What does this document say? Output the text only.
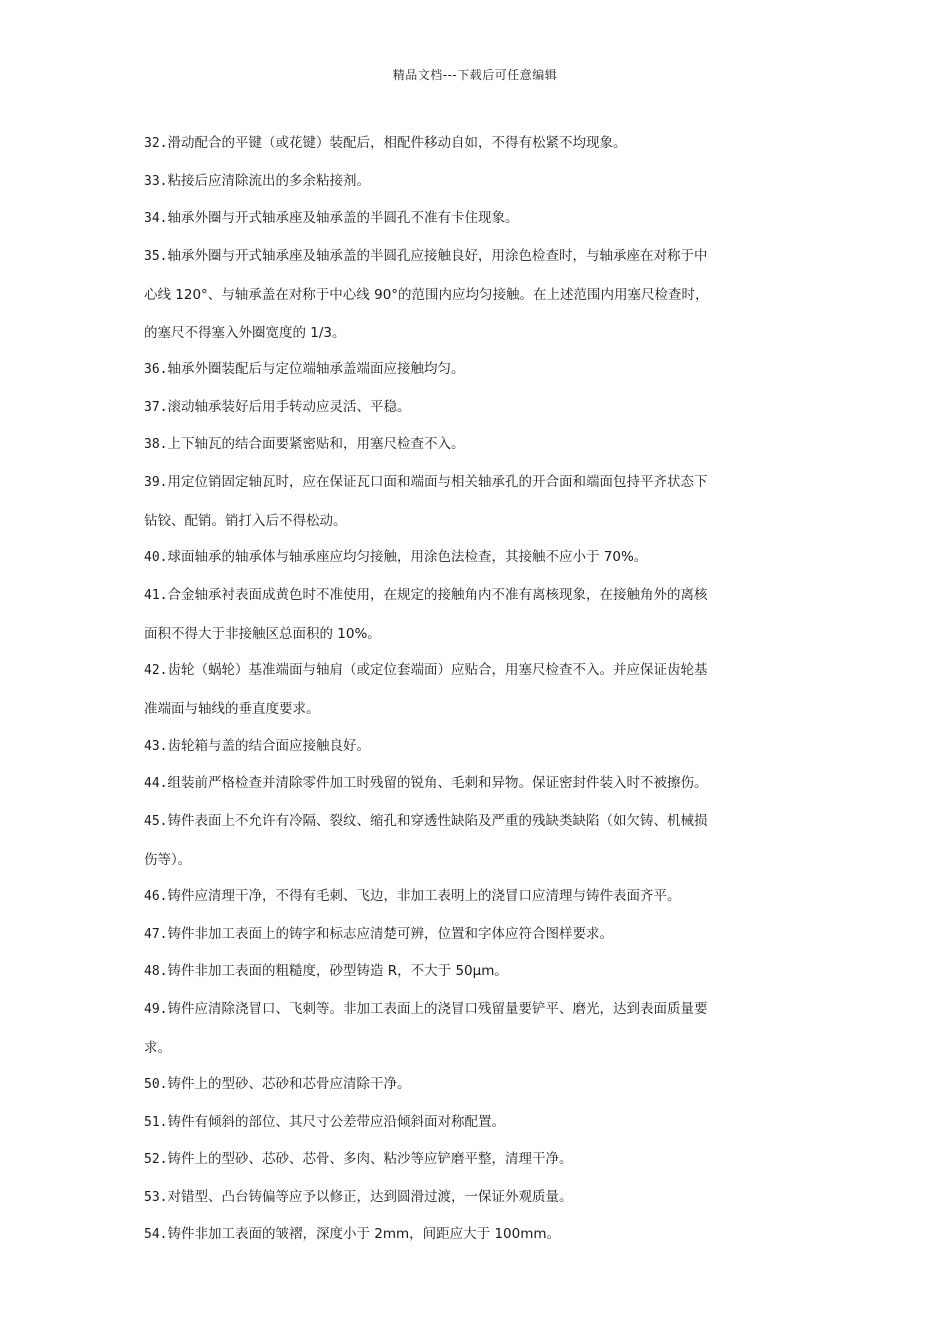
精品文档---下载后可任意编辑
32.滑动配合的平键（或花键）装配后，相配件移动自如，不得有松紧不均现象。
33.粘接后应清除流出的多余粘接剂。
34.轴承外圈与开式轴承座及轴承盖的半圆孔不准有卡住现象。
35.轴承外圈与开式轴承座及轴承盖的半圆孔应接触良好，用涂色检查时，与轴承座在对称于中
心线 120°、与轴承盖在对称于中心线 90°的范围内应均匀接触。在上述范围内用塞尺检查时，
的塞尺不得塞入外圈宽度的 1/3。
36.轴承外圈装配后与定位端轴承盖端面应接触均匀。
37.滚动轴承装好后用手转动应灵活、平稳。
38.上下轴瓦的结合面要紧密贴和，用塞尺检查不入。
39.用定位销固定轴瓦时，应在保证瓦口面和端面与相关轴承孔的开合面和端面包持平齐状态下
钻铰、配销。销打入后不得松动。
40.球面轴承的轴承体与轴承座应均匀接触，用涂色法检查，其接触不应小于 70%。
41.合金轴承衬表面成黄色时不准使用，在规定的接触角内不准有离核现象，在接触角外的离核
面积不得大于非接触区总面积的 10%。
42.齿轮（蜗轮）基准端面与轴肩（或定位套端面）应贴合，用塞尺检查不入。并应保证齿轮基
准端面与轴线的垂直度要求。
43.齿轮箱与盖的结合面应接触良好。
44.组装前严格检查并清除零件加工时残留的锐角、毛刺和异物。保证密封件装入时不被擦伤。
45.铸件表面上不允许有冷隔、裂纹、缩孔和穿透性缺陷及严重的残缺类缺陷（如欠铸、机械损
伤等）。
46.铸件应清理干净，不得有毛刺、飞边，非加工表明上的浇冒口应清理与铸件表面齐平。
47.铸件非加工表面上的铸字和标志应清楚可辨，位置和字体应符合图样要求。
48.铸件非加工表面的粗糙度，砂型铸造 R，不大于 50μm。
49.铸件应清除浇冒口、飞刺等。非加工表面上的浇冒口残留量要铲平、磨光，达到表面质量要
求。
50.铸件上的型砂、芯砂和芯骨应清除干净。
51.铸件有倾斜的部位、其尺寸公差带应沿倾斜面对称配置。
52.铸件上的型砂、芯砂、芯骨、多肉、粘沙等应铲磨平整，清理干净。
53.对错型、凸台铸偏等应予以修正，达到圆滑过渡，一保证外观质量。
54.铸件非加工表面的皱褶，深度小于 2mm，间距应大于 100mm。
